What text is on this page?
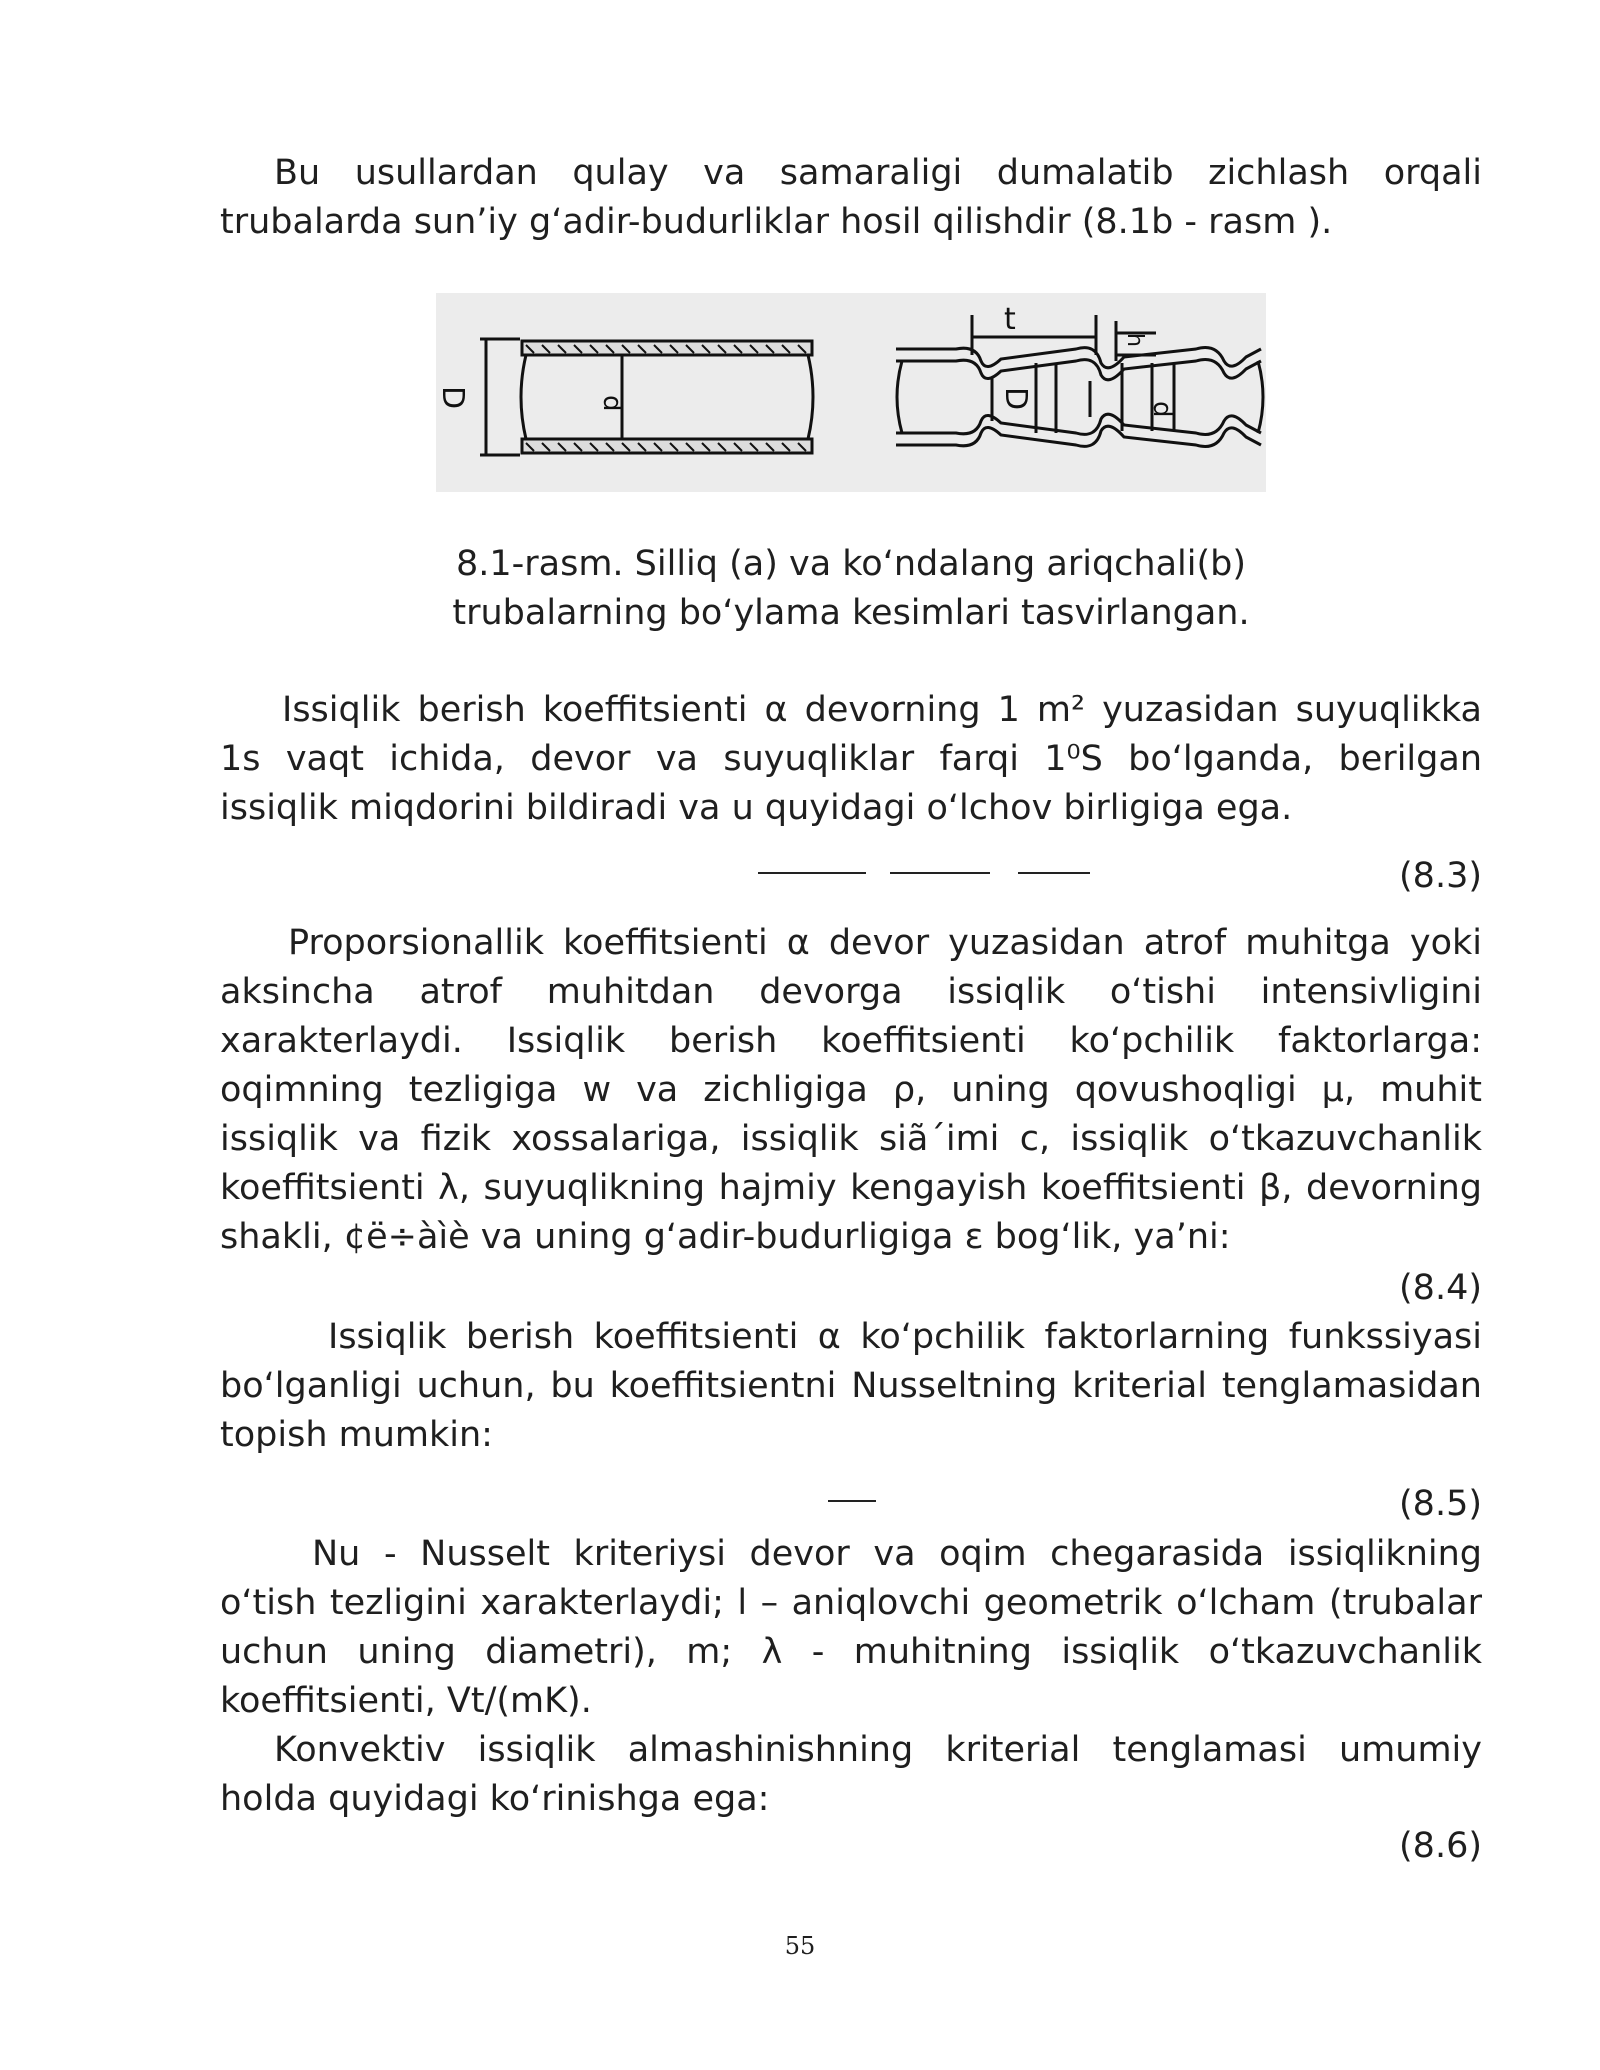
Bu usullardan qulay va samaraligi dumalatib zichlash orqali trubalarda sun’iy g‘adir-budurliklar hosil qilishdir (8.1b - rasm ).

D	d
t
h
D	d
8.1-rasm. Silliq (a) va ko‘ndalang ariqchali(b)
trubalarning bo‘ylama kesimlari tasvirlangan.

Issiqlik berish koeffitsienti α devorning 1 m² yuzasidan suyuqlikka 1s vaqt ichida, devor va suyuqliklar farqi 1⁰S bo‘lganda, berilgan issiqlik miqdorini bildiradi va u quyidagi o‘lchov birligiga ega.

(8.3)

Proporsionallik koeffitsienti α devor yuzasidan atrof muhitga yoki aksincha atrof muhitdan devorga issiqlik o‘tishi intensivligini xarakterlaydi. Issiqlik berish koeffitsienti ko‘pchilik faktorlarga: oqimning tezligiga w va zichligiga ρ, uning qovushoqligi μ, muhit issiqlik va fizik xossalariga, issiqlik siã΄imi c, issiqlik o‘tkazuvchanlik koeffitsienti λ, suyuqlikning hajmiy kengayish koeffitsienti β, devorning shakli, ¢ë÷àìè va uning g‘adir-budurligiga ε bog‘lik, ya’ni:

(8.4)

Issiqlik berish koeffitsienti α ko‘pchilik faktorlarning funkssiyasi bo‘lganligi uchun, bu koeffitsientni Nusseltning kriterial tenglamasidan topish mumkin:

(8.5)

Nu - Nusselt kriteriysi devor va oqim chegarasida issiqlikning o‘tish tezligini xarakterlaydi; l – aniqlovchi geometrik o‘lcham (trubalar uchun uning diametri), m; λ - muhitning issiqlik o‘tkazuvchanlik koeffitsienti, Vt/(mK).

Konvektiv issiqlik almashinishning kriterial tenglamasi umumiy holda quyidagi ko‘rinishga ega:

(8.6)
55
